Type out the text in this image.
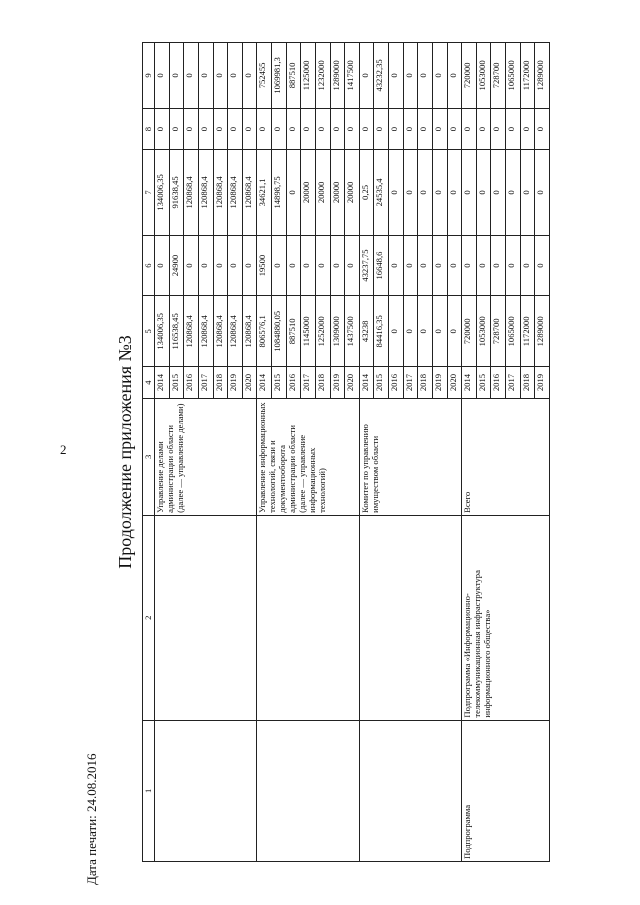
2	Продолжение приложения №3
Дата печати: 24.08.2016	1	2	3	4	5	6	7	8	9
		Управление делами администрации области (далее — управление делами)	2014	134006,35	0	134006,35	0	0
			2015	116538,45	24900	91638,45	0	0
			2016	120868,4	0	120868,4	0	0
			2017	120868,4	0	120868,4	0	0
			2018	120868,4	0	120868,4	0	0
			2019	120868,4	0	120868,4	0	0
			2020	120868,4	0	120868,4	0	0
		Управление информационных технологий, связи и документооборота администрации области (далее — управление информационных технологий)	2014	806576,1	19500	34621,1	0	752455
			2015	1084880,05	0	14898,75	0	1069981,3
			2016	887510	0	0	0	887510
			2017	1145000	0	20000	0	1125000
			2018	1252000	0	20000	0	1232000
			2019	1309000	0	20000	0	1289000
			2020	1437500	0	20000	0	1417500
		Комитет по управлению имуществом области	2014	43238	43237,75	0,25	0	0
			2015	84416,35	16648,6	24535,4	0	43232,35
			2016	0	0	0	0	0
			2017	0	0	0	0	0
			2018	0	0	0	0	0
			2019	0	0	0	0	0
			2020	0	0	0	0	0
Подпрограмма	Подпрограмма «Информационно-телекоммуникационная инфраструктура информационного общества»	Всего	2014	720000	0	0	0	720000
			2015	1053000	0	0	0	1053000
			2016	728700	0	0	0	728700
			2017	1065000	0	0	0	1065000
			2018	1172000	0	0	0	1172000
			2019	1289000	0	0	0	1289000
